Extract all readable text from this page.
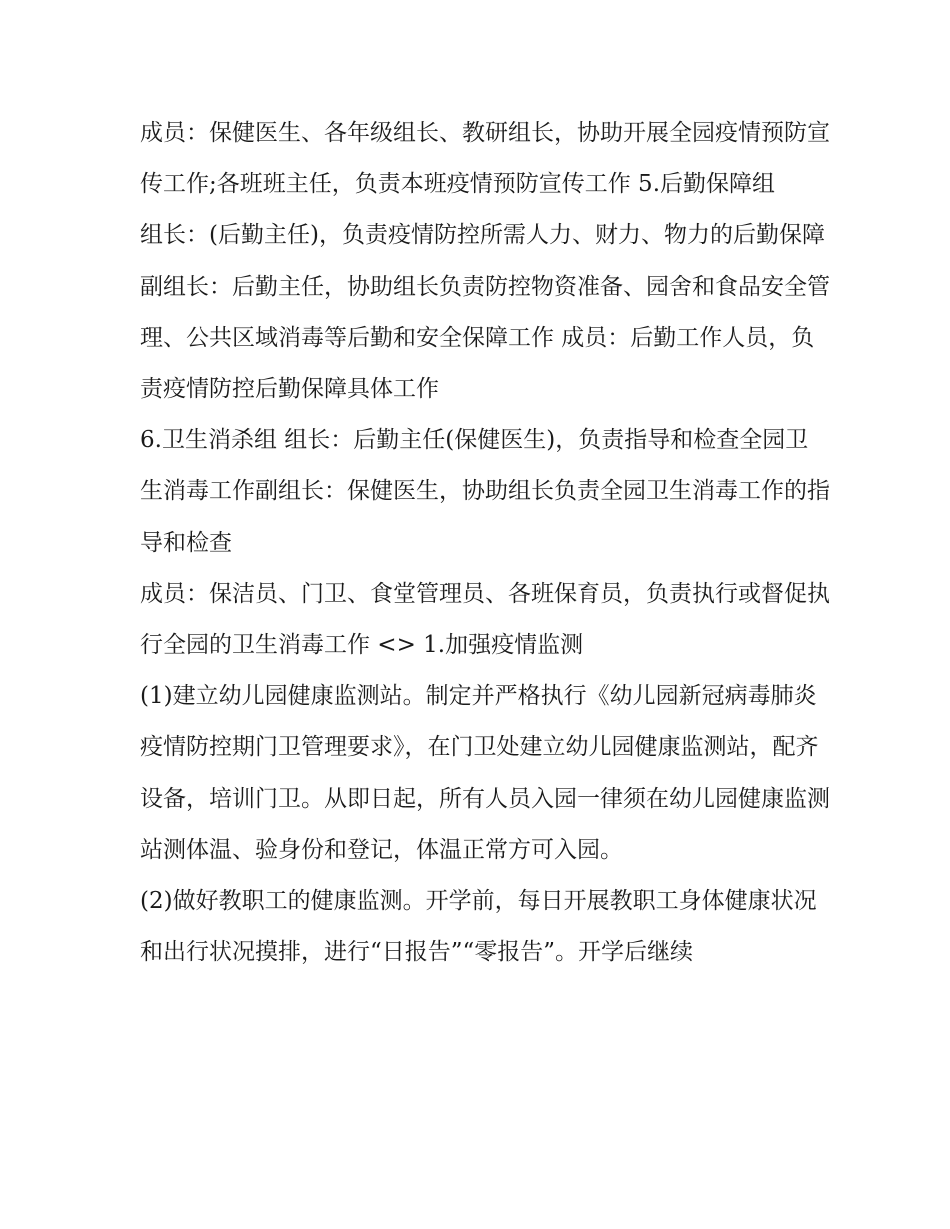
成员：保健医生、各年级组长、教研组长，协助开展全园疫情预防宣传工作;各班班主任，负责本班疫情预防宣传工作 5.后勤保障组

组长：(后勤主任)，负责疫情防控所需人力、财力、物力的后勤保障

副组长：后勤主任，协助组长负责防控物资准备、园舍和食品安全管理、公共区域消毒等后勤和安全保障工作 成员：后勤工作人员，负责疫情防控后勤保障具体工作

6.卫生消杀组 组长：后勤主任(保健医生)，负责指导和检查全园卫生消毒工作副组长：保健医生，协助组长负责全园卫生消毒工作的指导和检查

成员：保洁员、门卫、食堂管理员、各班保育员，负责执行或督促执行全园的卫生消毒工作 <> 1.加强疫情监测

(1)建立幼儿园健康监测站。制定并严格执行《幼儿园新冠病毒肺炎疫情防控期门卫管理要求》，在门卫处建立幼儿园健康监测站，配齐设备，培训门卫。从即日起，所有人员入园一律须在幼儿园健康监测站测体温、验身份和登记，体温正常方可入园。

(2)做好教职工的健康监测。开学前，每日开展教职工身体健康状况和出行状况摸排，进行“日报告”“零报告”。开学后继续
